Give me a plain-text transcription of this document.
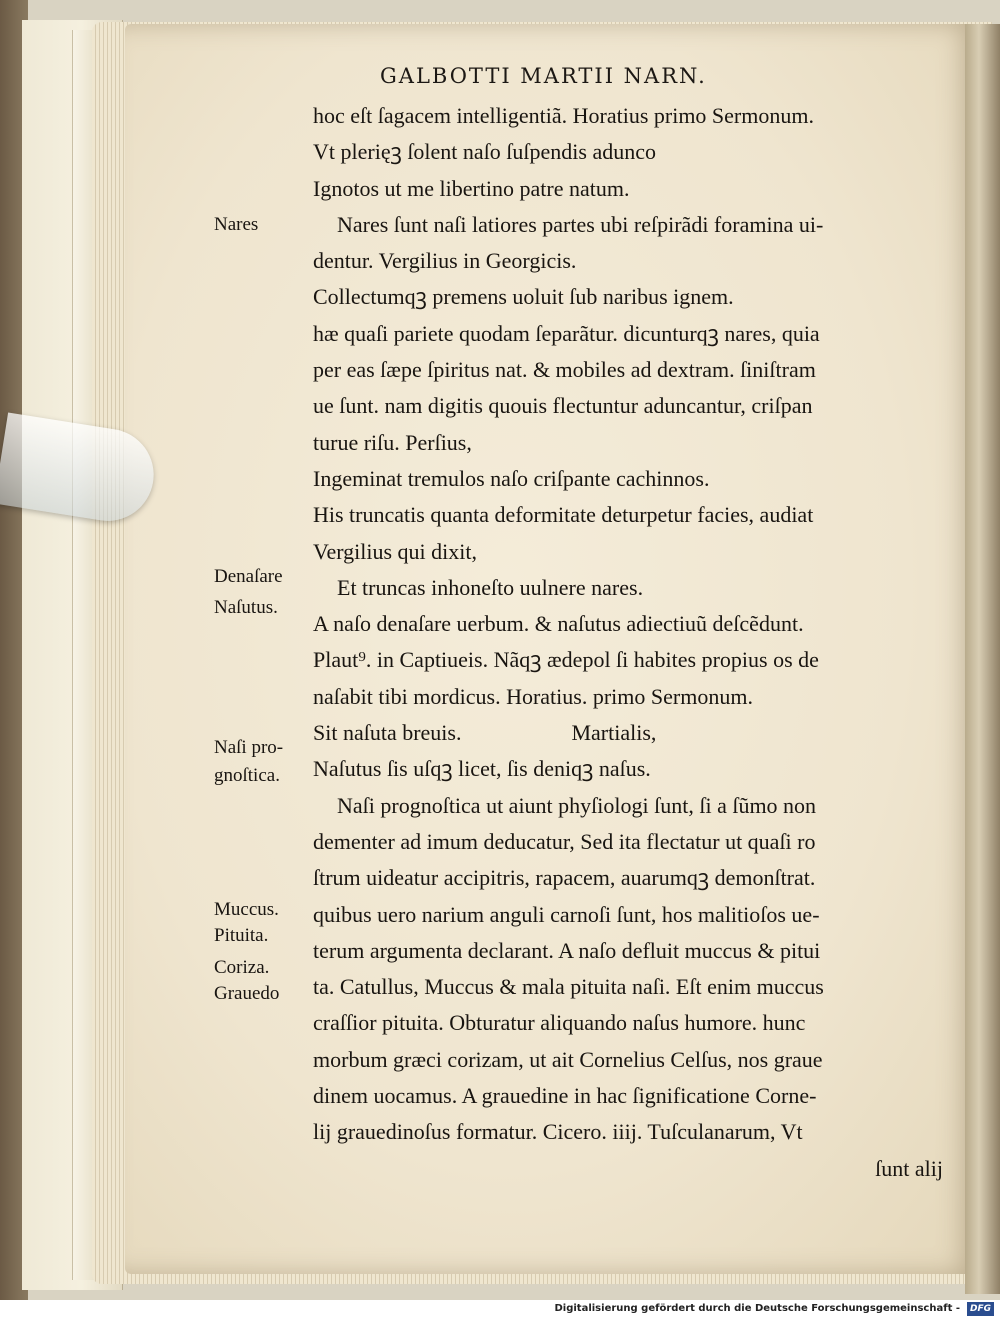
GALBOTTI MARTII NARN.
hoc eſt ſagacem intelligentiã. Horatius primo Sermonum.
Vt plerięꝫ ſolent naſo ſuſpendis adunco
Ignotos ut me libertino patre natum.
Nares ſunt naſi latiores partes ubi reſpirãdi foramina ui-
dentur. Vergilius in Georgicis.
Collectumqꝫ premens uoluit ſub naribus ignem.
hæ quaſi pariete quodam ſeparãtur. dicunturqꝫ nares, quia
per eas ſæpe ſpiritus nat. & mobiles ad dextram. ſiniſtram
ue ſunt. nam digitis quouis flectuntur aduncantur, criſpan
turue riſu. Perſius,
Ingeminat tremulos naſo criſpante cachinnos.
His truncatis quanta deformitate deturpetur facies, audiat
Vergilius qui dixit,
Et truncas inhoneſto uulnere nares.
A naſo denaſare uerbum. & naſutus adiectiuũ deſcẽdunt.
Plaut⁹. in Captiueis. Nãqꝫ ædepol ſi habites propius os de
naſabit tibi mordicus. Horatius. primo Sermonum.
Sit naſuta breuis.                    Martialis,
Naſutus ſis uſqꝫ licet, ſis deniqꝫ naſus.
Naſi prognoſtica ut aiunt phyſiologi ſunt, ſi a ſũmo non
dementer ad imum deducatur, Sed ita flectatur ut quaſi ro
ſtrum uideatur accipitris, rapacem, auarumqꝫ demonſtrat.
quibus uero narium anguli carnoſi ſunt, hos malitioſos ue-
terum argumenta declarant. A naſo defluit muccus & pitui
ta. Catullus, Muccus & mala pituita naſi. Eſt enim muccus
craſſior pituita. Obturatur aliquando naſus humore. hunc
morbum græci corizam, ut ait Cornelius Celſus, nos graue
dinem uocamus. A grauedine in hac ſignificatione Corne-
lij grauedinoſus formatur. Cicero. iiij. Tuſculanarum, Vt
ſunt alij
Nares
Denaſare
Naſutus.
Naſi pro-
gnoſtica.
Muccus.
Pituita.
Coriza.
Grauedo
Digitalisierung gefördert durch die Deutsche Forschungsgemeinschaft -	DFG
